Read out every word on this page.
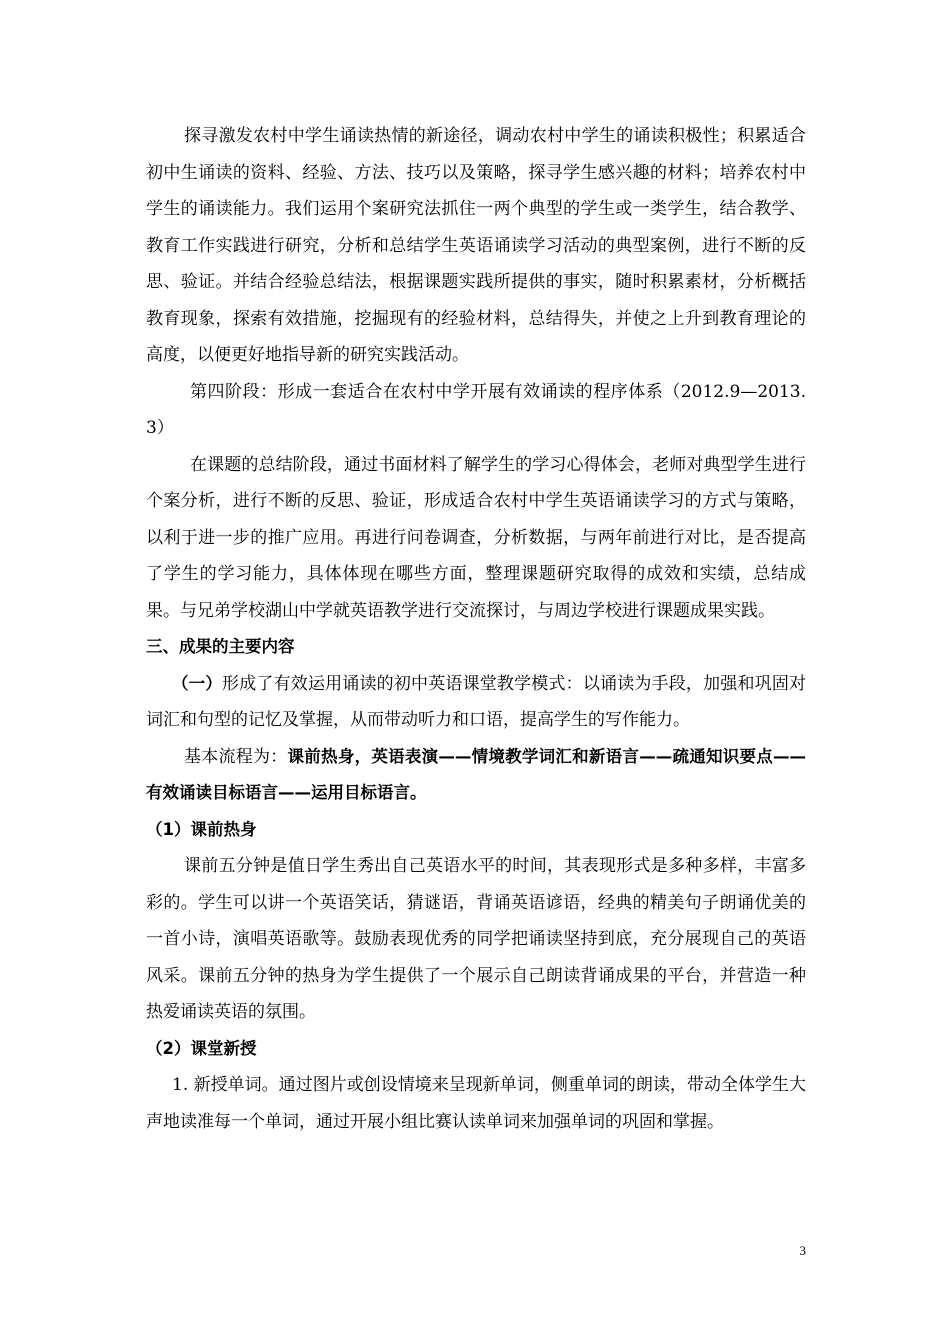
探寻激发农村中学生诵读热情的新途径，调动农村中学生的诵读积极性；积累适合初中生诵读的资料、经验、方法、技巧以及策略，探寻学生感兴趣的材料；培养农村中学生的诵读能力。我们运用个案研究法抓住一两个典型的学生或一类学生，结合教学、教育工作实践进行研究，分析和总结学生英语诵读学习活动的典型案例，进行不断的反思、验证。并结合经验总结法，根据课题实践所提供的事实，随时积累素材，分析概括教育现象，探索有效措施，挖掘现有的经验材料，总结得失，并使之上升到教育理论的高度，以便更好地指导新的研究实践活动。

第四阶段：形成一套适合在农村中学开展有效诵读的程序体系（2012.9—2013.3）

在课题的总结阶段，通过书面材料了解学生的学习心得体会，老师对典型学生进行个案分析，进行不断的反思、验证，形成适合农村中学生英语诵读学习的方式与策略，以利于进一步的推广应用。再进行问卷调查，分析数据，与两年前进行对比，是否提高了学生的学习能力，具体体现在哪些方面，整理课题研究取得的成效和实绩，总结成果。与兄弟学校湖山中学就英语教学进行交流探讨，与周边学校进行课题成果实践。

三、成果的主要内容

（一）形成了有效运用诵读的初中英语课堂教学模式：以诵读为手段，加强和巩固对词汇和句型的记忆及掌握，从而带动听力和口语，提高学生的写作能力。

基本流程为：课前热身，英语表演——情境教学词汇和新语言——疏通知识要点——有效诵读目标语言——运用目标语言。

（1）课前热身

课前五分钟是值日学生秀出自己英语水平的时间，其表现形式是多种多样，丰富多彩的。学生可以讲一个英语笑话，猜谜语，背诵英语谚语，经典的精美句子朗诵优美的一首小诗，演唱英语歌等。鼓励表现优秀的同学把诵读坚持到底，充分展现自己的英语风采。课前五分钟的热身为学生提供了一个展示自己朗读背诵成果的平台，并营造一种热爱诵读英语的氛围。

（2）课堂新授

1. 新授单词。通过图片或创设情境来呈现新单词，侧重单词的朗读，带动全体学生大声地读准每一个单词，通过开展小组比赛认读单词来加强单词的巩固和掌握。

3
